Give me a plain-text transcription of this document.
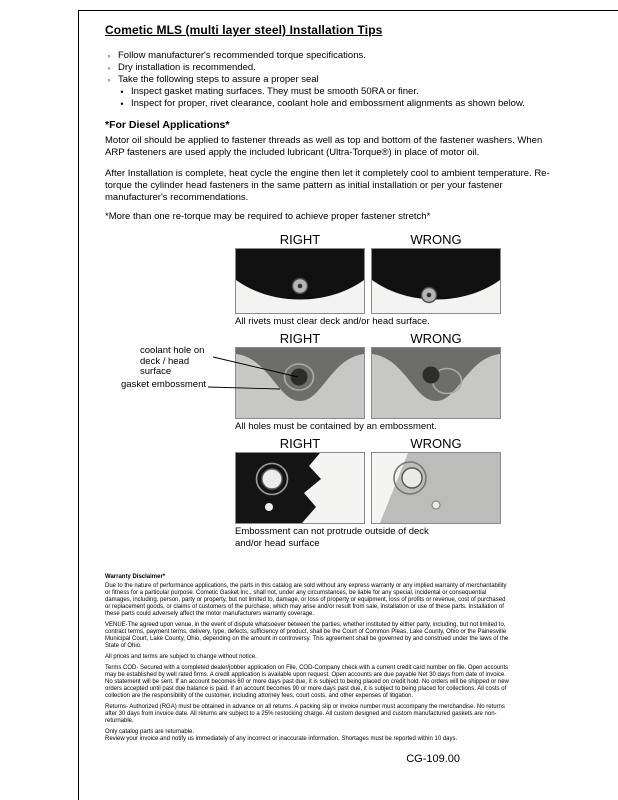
Cometic MLS (multi layer steel) Installation Tips
◦ Follow manufacturer's recommended torque specifications.
◦ Dry installation is recommended.
◦ Take the following steps to assure a proper seal
• Inspect gasket mating surfaces. They must be smooth 50RA or finer.
• Inspect for proper, rivet clearance, coolant hole and embossment alignments as shown below.
*For Diesel Applications*

Motor oil should be applied to fastener threads as well as top and bottom of the fastener washers. When ARP fasteners are used apply the included lubricant (Ultra-Torque®) in place of motor oil.

After Installation is complete, heat cycle the engine then let it completely cool to ambient temperature. Re-torque the cylinder head fasteners in the same pattern as initial installation or per your fastener manufacturer's recommendations.

*More than one re-torque may be required to achieve proper fastener stretch*

RIGHT	WRONG
All rivets must clear deck and/or head surface.
RIGHT	WRONG
coolant hole on
deck / head surface
gasket embossment
All holes must be contained by an embossment.
RIGHT	WRONG
Embossment can not protrude outside of deck and/or head surface
Warranty Disclaimer*

Due to the nature of performance applications, the parts in this catalog are sold without any express warranty or any implied warranty of merchantability or fitness for a particular purpose. Cometic Gasket Inc., shall not, under any circumstances, be liable for any special, incidental or consequential damages, including, person, party or property, but not limited to, damage, or loss of property or equipment, loss of profits or revenue, cost of purchased or replacement goods, or claims of customers of the purchase, which may arise and/or result from sale, installation or use of these parts. Installation of these parts could adversely affect the motor manufacturers warranty coverage.

VENUE-The agreed upon venue, in the event of dispute whatsoever between the parties, whether instituted by either party, including, but not limited to, contract terms, payment terms, delivery, type, defects, sufficiency of product, shall be the Court of Common Pleas, Lake County, Ohio or the Painesville Municipal Court, Lake County, Ohio, depending on the amount in controversy. This agreement shall be governed by and construed under the laws of the State of Ohio.

All prices and terms are subject to change without notice.

Terms COD- Secured with a completed dealer/jobber application on File, COD-Company check with a current credit card number on file. Open accounts may be established by well rated firms. A credit application is available upon request. Open accounts are due payable Net 30 days from date of invoice. No statement will be sent. If an account becomes 60 or more days past due, it is subject to being placed on credit hold. No orders will be shipped or new orders accepted until past due balance is paid. If an account becomes 90 or more days past due, it is subject to being placed for collections. All costs of collection are the responsibility of the customer, including attorney fees, court costs, and other expenses of litigation.

Returns- Authorized (RGA) must be obtained in advance on all returns. A packing slip or invoice number must accompany the merchandise. No returns after 30 days from invoice date. All returns are subject to a 25% restocking charge. All custom designed and custom manufactured gaskets are non-returnable.

Only catalog parts are returnable.

Review your invoice and notify us immediately of any incorrect or inaccurate information. Shortages must be reported within 10 days.

CG-109.00
